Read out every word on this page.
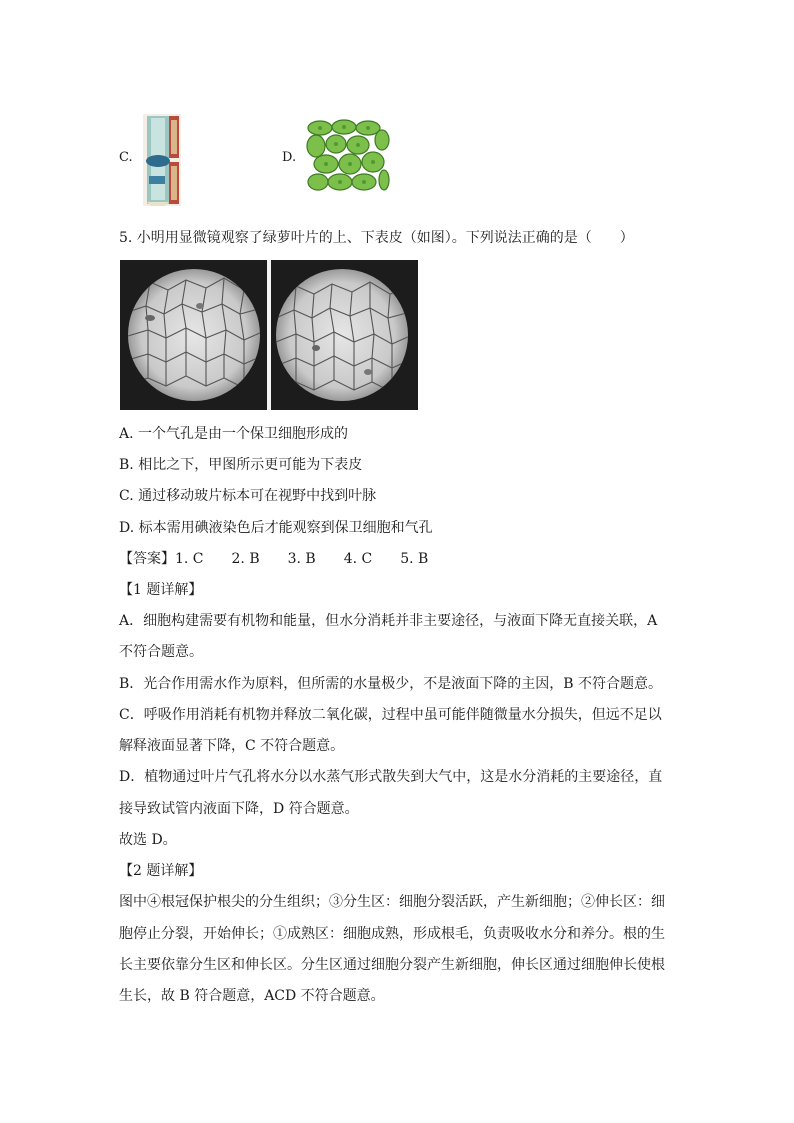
C.	D.
5. 小明用显微镜观察了绿萝叶片的上、下表皮（如图）。下列说法正确的是（　　）
A. 一个气孔是由一个保卫细胞形成的
B. 相比之下，甲图所示更可能为下表皮
C. 通过移动玻片标本可在视野中找到叶脉
D. 标本需用碘液染色后才能观察到保卫细胞和气孔
【答案】1. C　　2. B　　3. B　　4. C　　5. B
【1 题详解】
A．细胞构建需要有机物和能量，但水分消耗并非主要途径，与液面下降无直接关联，A
不符合题意。
B．光合作用需水作为原料，但所需的水量极少，不是液面下降的主因，B 不符合题意。
C．呼吸作用消耗有机物并释放二氧化碳，过程中虽可能伴随微量水分损失，但远不足以
解释液面显著下降，C 不符合题意。
D．植物通过叶片气孔将水分以水蒸气形式散失到大气中，这是水分消耗的主要途径，直
接导致试管内液面下降，D 符合题意。
故选 D。
【2 题详解】
图中④根冠保护根尖的分生组织；③分生区：细胞分裂活跃，产生新细胞；②伸长区：细
胞停止分裂，开始伸长；①成熟区：细胞成熟，形成根毛，负责吸收水分和养分。根的生
长主要依靠分生区和伸长区。分生区通过细胞分裂产生新细胞，伸长区通过细胞伸长使根
生长，故 B 符合题意，ACD 不符合题意。
